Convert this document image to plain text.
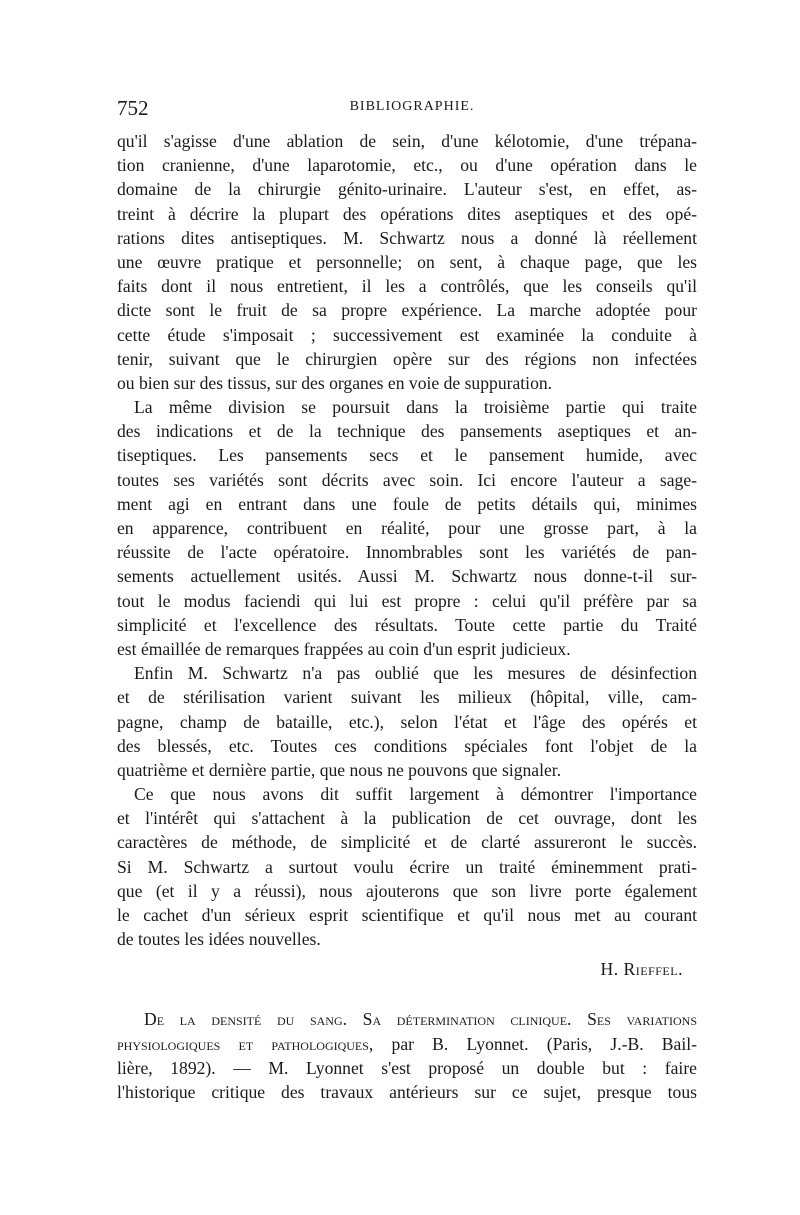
752	BIBLIOGRAPHIE.
qu'il s'agisse d'une ablation de sein, d'une kélotomie, d'une trépana-
tion cranienne, d'une laparotomie, etc., ou d'une opération dans le
domaine de la chirurgie génito-urinaire. L'auteur s'est, en effet, as-
treint à décrire la plupart des opérations dites aseptiques et des opé-
rations dites antiseptiques. M. Schwartz nous a donné là réellement
une œuvre pratique et personnelle; on sent, à chaque page, que les
faits dont il nous entretient, il les a contrôlés, que les conseils qu'il
dicte sont le fruit de sa propre expérience. La marche adoptée pour
cette étude s'imposait ; successivement est examinée la conduite à
tenir, suivant que le chirurgien opère sur des régions non infectées
ou bien sur des tissus, sur des organes en voie de suppuration.
La même division se poursuit dans la troisième partie qui traite
des indications et de la technique des pansements aseptiques et an-
tiseptiques. Les pansements secs et le pansement humide, avec
toutes ses variétés sont décrits avec soin. Ici encore l'auteur a sage-
ment agi en entrant dans une foule de petits détails qui, minimes
en apparence, contribuent en réalité, pour une grosse part, à la
réussite de l'acte opératoire. Innombrables sont les variétés de pan-
sements actuellement usités. Aussi M. Schwartz nous donne-t-il sur-
tout le modus faciendi qui lui est propre : celui qu'il préfère par sa
simplicité et l'excellence des résultats. Toute cette partie du Traité
est émaillée de remarques frappées au coin d'un esprit judicieux.
Enfin M. Schwartz n'a pas oublié que les mesures de désinfection
et de stérilisation varient suivant les milieux (hôpital, ville, cam-
pagne, champ de bataille, etc.), selon l'état et l'âge des opérés et
des blessés, etc. Toutes ces conditions spéciales font l'objet de la
quatrième et dernière partie, que nous ne pouvons que signaler.
Ce que nous avons dit suffit largement à démontrer l'importance
et l'intérêt qui s'attachent à la publication de cet ouvrage, dont les
caractères de méthode, de simplicité et de clarté assureront le succès.
Si M. Schwartz a surtout voulu écrire un traité éminemment prati-
que (et il y a réussi), nous ajouterons que son livre porte également
le cachet d'un sérieux esprit scientifique et qu'il nous met au courant
de toutes les idées nouvelles.
H. Rieffel.
De la densité du sang. Sa détermination clinique. Ses variations
physiologiques et pathologiques, par B. Lyonnet. (Paris, J.-B. Bail-
lière, 1892). — M. Lyonnet s'est proposé un double but : faire
l'historique critique des travaux antérieurs sur ce sujet, presque tous
